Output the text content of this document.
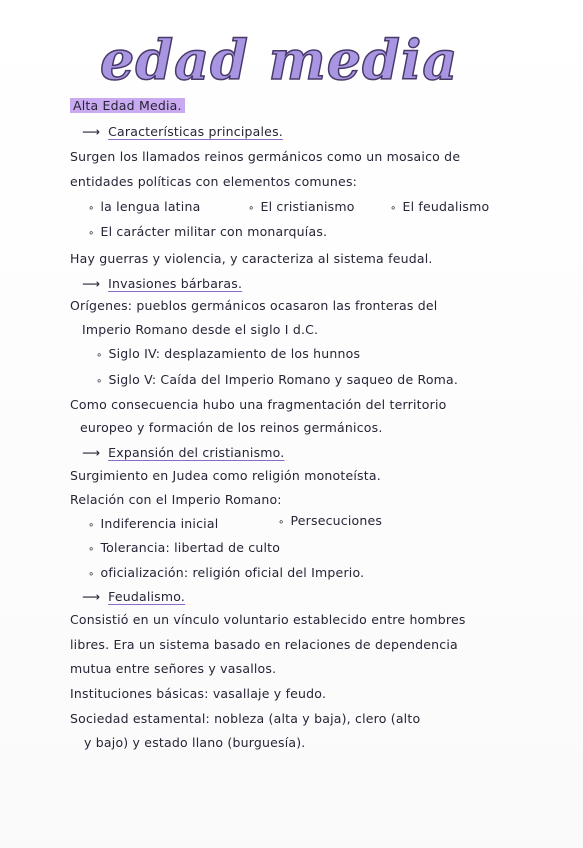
edad media
Alta Edad Media.
⟶ Características principales.
Surgen los llamados reinos germánicos como un mosaico de
entidades políticas con elementos comunes:
∘ la lengua latina	∘ El cristianismo	∘ El feudalismo
∘ El carácter militar con monarquías.
Hay guerras y violencia, y caracteriza al sistema feudal.
⟶ Invasiones bárbaras.
Orígenes: pueblos germánicos ocasaron las fronteras del
Imperio Romano desde el siglo I d.C.
∘ Siglo IV: desplazamiento de los hunnos
∘ Siglo V: Caída del Imperio Romano y saqueo de Roma.
Como consecuencia hubo una fragmentación del territorio
europeo y formación de los reinos germánicos.
⟶ Expansión del cristianismo.
Surgimiento en Judea como religión monoteísta.
Relación con el Imperio Romano:
∘ Indiferencia inicial	∘ Persecuciones
∘ Tolerancia: libertad de culto
∘ oficialización: religión oficial del Imperio.
⟶ Feudalismo.
Consistió en un vínculo voluntario establecido entre hombres
libres. Era un sistema basado en relaciones de dependencia
mutua entre señores y vasallos.
Instituciones básicas: vasallaje y feudo.
Sociedad estamental: nobleza (alta y baja), clero (alto
y bajo) y estado llano (burguesía).
